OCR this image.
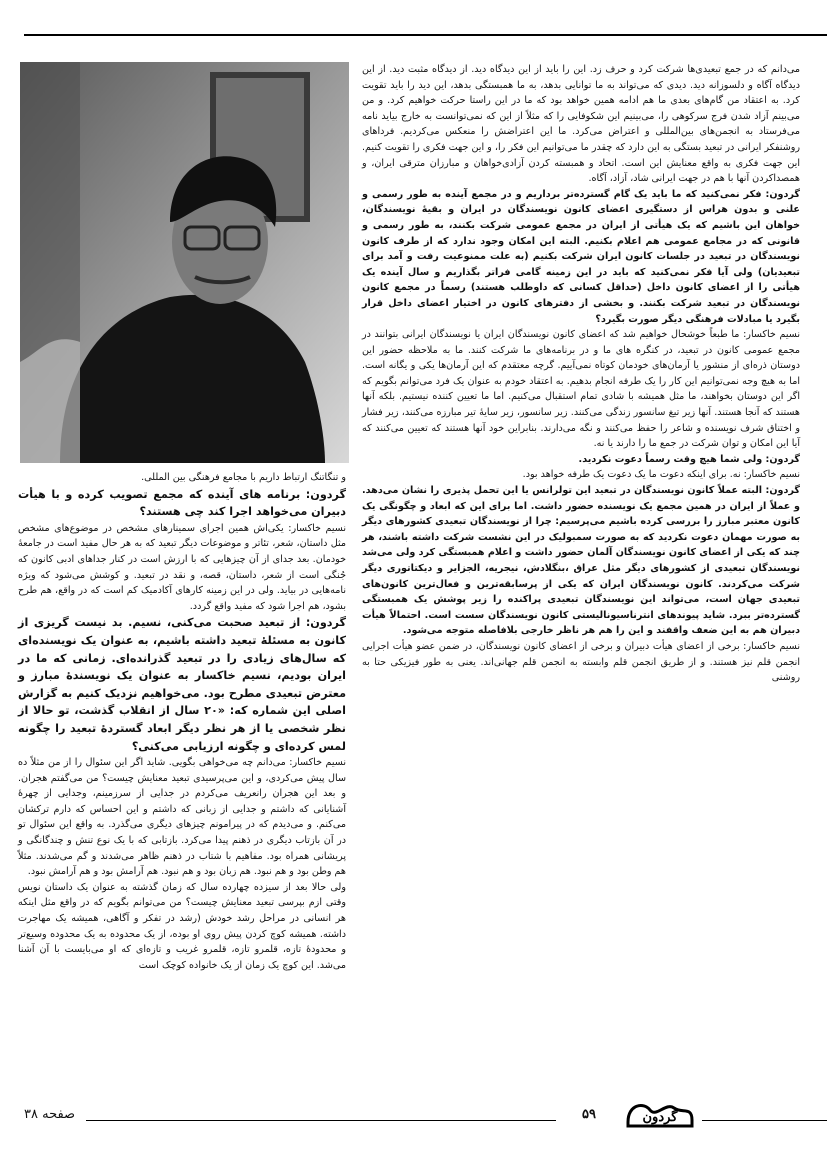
می‌دانم که در جمع تبعیدی‌ها شرکت کرد و حرف زد. این را باید از این دیدگاه دید. از دیدگاه مثبت دید. از این دیدگاه آگاه و دلسوزانه دید. دیدی که می‌تواند به ما توانایی بدهد، به ما همبستگی بدهد، این دید را باید تقویت کرد. به اعتقاد من گام‌های بعدی ما هم ادامه همین خواهد بود که ما در این راستا حرکت خواهیم کرد. و من می‌بینم آزاد شدن فرج سرکوهی را، می‌بینیم این شکوفایی را که مثلاً از این که نمی‌توانست به خارج بیاید نامه می‌فرستاد به انجمن‌های بین‌المللی و اعتراض می‌کرد. ما این اعتراضش را منعکس می‌کردیم. فرداهای روشنفکر ایرانی در تبعید بستگی به این دارد که چقدر ما می‌توانیم این فکر را، و این جهت فکری را تقویت کنیم. این جهت فکری به واقع معنایش این است. اتحاد و همبسته کردن آزادی‌خواهان و مبارزان مترقی ایران، و همصداکردن آنها با هم در جهت ایرانی شاد، آزاد، آگاه.

گردون: فکر نمی‌کنید که ما باید یک گام گسترده‌تر برداریم و در مجمع آینده به طور رسمی و علنی و بدون هراس از دستگیری اعضای کانون نویسندگان در ایران و بقیهٔ نویسندگان، خواهان این باشیم که یک هیأتی از ایران در مجمع عمومی شرکت بکنند، به طور رسمی و قانونی که در مجامع عمومی هم اعلام بکنیم. البته این امکان وجود ندارد که از طرف کانون نویسندگان در تبعید در جلسات کانون ایران شرکت بکنیم (به علت ممنوعیت رفت و آمد برای تبعیدیان) ولی آیا فکر نمی‌کنید که باید در این زمینه گامی فراتر بگذاریم و سال آینده یک هیأتی را از اعضای کانون داخل (حداقل کسانی که داوطلب هستند) رسماً در مجمع کانون نویسندگان در تبعید شرکت بکنند. و بخشی از دفترهای کانون در اختیار اعضای داخل قرار بگیرد یا مبادلات فرهنگی دیگر صورت بگیرد؟

نسیم خاکسار: ما طبعاً خوشحال خواهیم شد که اعضای کانون نویسندگان ایران یا نویسندگان ایرانی بتوانند در مجمع عمومی کانون در تبعید، در کنگره های ما و در برنامه‌های ما شرکت کنند. ما به ملاحظه حضور این دوستان ذره‌ای از منشور یا آرمان‌های خودمان کوتاه نمی‌آییم. گرچه معتقدم که این آرمان‌ها یکی و یگانه است. اما به هیچ وجه نمی‌توانیم این کار را یک طرفه انجام بدهیم. به اعتقاد خودم به عنوان یک فرد می‌توانم بگویم که اگر این دوستان بخواهند، ما مثل همیشه با شادی تمام استقبال می‌کنیم. اما ما تعیین کننده نیستیم. بلکه آنها هستند که آنجا هستند. آنها زیر تیغ سانسور زندگی می‌کنند. زیر سانسور، زیر سایهٔ تیر مبارزه می‌کنند، زیر فشار و اختناق شرف نویسنده و شاعر را حفظ می‌کنند و نگه می‌دارند. بنابراین خود آنها هستند که تعیین می‌کنند که آیا این امکان و توان شرکت در جمع ما را دارند یا نه.

گردون: ولی شما هیچ وقت رسماً دعوت نکردید.

نسیم خاکسار: نه. برای اینکه دعوت ما یک دعوت یک طرفه خواهد بود.

گردون: البته عملاً کانون نویسندگان در تبعید این تولرانس یا این تحمل پذیری را نشان می‌دهد. و عملاً از ایران در همین مجمع یک نویسنده حضور داشت. اما برای این که ابعاد و چگونگی یک کانون معتبر مبارز را بررسی کرده باشیم می‌پرسیم: چرا از نویسندگان تبعیدی کشورهای دیگر به صورت مهمان دعوت نکردید که به صورت سمبولیک در این نشست شرکت داشته باشند، هر چند که یکی از اعضای کانون نویسندگان آلمان حضور داشت و اعلام همبستگی کرد ولی می‌شد نویسندگان تبعیدی از کشورهای دیگر مثل عراق ،بنگلادش، نیجریه، الجزایر و دیکتاتوری دیگر شرکت می‌کردند. کانون نویسندگان ایران که یکی از پرسابقه‌ترین و فعال‌ترین کانون‌های تبعیدی جهان است، می‌تواند این نویسندگان تبعیدی پراکنده را زیر پوشش یک همبستگی گسترده‌تر ببرد. شاید پیوندهای انترناسیونالیستی کانون نویسندگان سست است. احتمالاً هیأت دبیران هم به این ضعف واقفند و این را هم هر ناظر خارجی بلافاصله متوجه می‌شود.

نسیم خاکسار: برخی از اعضای هیأت دبیران و برخی از اعضای کانون نویسندگان، در ضمن عضو هیأت اجرایی انجمن قلم نیز هستند. و از طریق انجمن قلم وابسته به انجمن قلم جهانی‌اند. یعنی به طور فیزیکی حتا به روشنی

و تنگاتنگ ارتباط داریم با مجامع فرهنگی بین المللی.

گردون: برنامه های آینده که مجمع تصویب کرده و با هیأت دبیران می‌خواهد اجرا کند چی هستند؟

نسیم خاکسار: یکی‌اش همین اجرای سمینارهای مشخص در موضوع‌های مشخص مثل داستان، شعر، تئاتر و موضوعات دیگر تبعید که به هر حال مفید است در جامعهٔ خودمان. بعد جدای از آن چیزهایی که با ارزش است در کنار جداهای ادبی کانون که جُنگی است از شعر، داستان، قصه، و نقد در تبعید. و کوشش می‌شود که ویژه نامه‌هایی در بیاید. ولی در این زمینه کارهای آکادمیک کم است که در واقع، هم طرح بشود، هم اجرا شود که مفید واقع گردد.

گردون: از تبعید صحبت می‌کنی، نسیم. بد نیست گریزی از کانون به مسئلهٔ تبعید داشته باشیم، به عنوان یک نویسنده‌ای که سال‌های زیادی را در تبعید گذرانده‌ای. زمانی که ما در ایران بودیم، نسیم خاکسار به عنوان یک نویسندهٔ مبارز و معترض تبعیدی مطرح بود. می‌خواهیم نزدیک کنیم به گزارش اصلی این شماره که: «۲۰ سال از انقلاب گذشت، تو حالا از نظر شخصی یا از هر نظر دیگر ابعاد گستردهٔ تبعید را چگونه لمس کرده‌ای و چگونه ارزیابی می‌کنی؟

نسیم خاکسار: می‌دانم چه می‌خواهی بگویی. شاید اگر این سئوال را از من مثلاً ده سال پیش می‌کردی، و این می‌پرسیدی تبعید معنایش چیست؟ من می‌گفتم هجران. و بعد این هجران رانعریف می‌کردم در جدایی از سرزمینم، وجدایی از چهرهٔ آشنایانی که داشتم و جدایی از زبانی که داشتم و این احساس که دارم ترکشان می‌کنم. و می‌دیدم که در پیرامونم چیزهای دیگری می‌گذرد. به واقع این سئوال تو در آن بازتاب دیگری در ذهنم پیدا می‌کرد. بازتابی که با یک نوع تنش و چندگانگی و پریشانی همراه بود. مفاهیم با شتاب در ذهنم ظاهر می‌شدند و گم می‌شدند. مثلاً هم وطن بود و هم نبود. هم زبان بود و هم نبود. هم آرامش بود و هم آرامش نبود.

ولی حالا بعد از سیزده چهارده سال که زمان گذشته به عنوان یک داستان نویس وقتی ازم بپرسی تبعید معنایش چیست؟ من می‌توانم بگویم که در واقع مثل اینکه هر انسانی در مراحل رشد خودش (رشد در تفکر و آگاهی، همیشه یک مهاجرت داشته. همیشه کوچ کردن پیش روی او بوده، از یک محدوده به یک محدوده وسیع‌تر و محدودهٔ تازه، قلمرو تازه، قلمرو غریب و تازه‌ای که او می‌بایست با آن آشنا می‌شد. این کوچ یک زمان از یک خانواده کوچک است

صفحه ۳۸	۵۹	گردون
